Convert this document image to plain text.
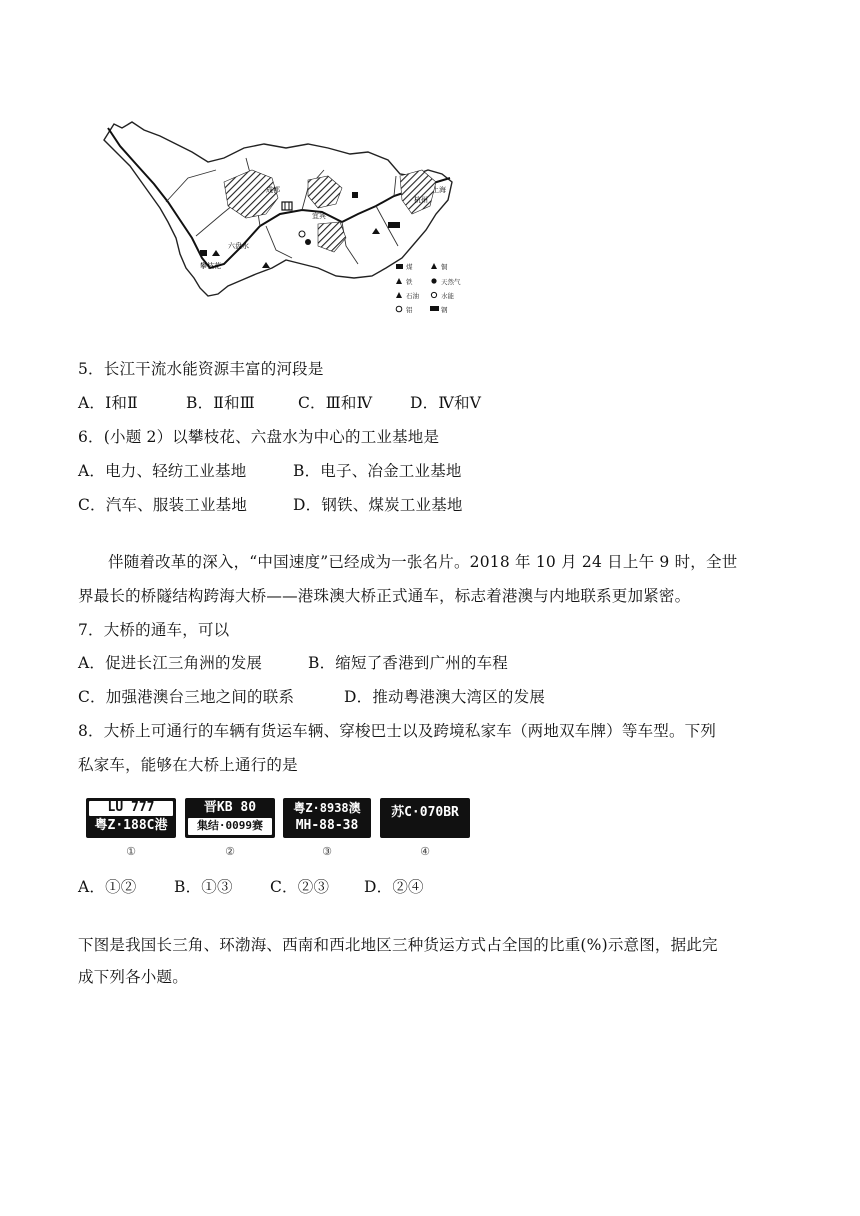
成都
宜宾
六盘水
攀枝花
上海
杭州
煤	铜
铁	天然气
石油	水能
铝	钢
5．长江干流水能资源丰富的河段是
A．Ⅰ和Ⅱ	B．Ⅱ和Ⅲ	C．Ⅲ和Ⅳ D．Ⅳ和Ⅴ
6．(小题 2）以攀枝花、六盘水为中心的工业基地是
A．电力、轻纺工业基地	B．电子、冶金工业基地
C．汽车、服装工业基地	D．钢铁、煤炭工业基地
伴随着改革的深入，“中国速度”已经成为一张名片。2018 年 10 月 24 日上午 9 时，全世
界最长的桥隧结构跨海大桥——港珠澳大桥正式通车，标志着港澳与内地联系更加紧密。
7．大桥的通车，可以
A．促进长江三角洲的发展	B．缩短了香港到广州的车程
C．加强港澳台三地之间的联系	D．推动粤港澳大湾区的发展
8．大桥上可通行的车辆有货运车辆、穿梭巴士以及跨境私家车（两地双车牌）等车型。下列
私家车，能够在大桥上通行的是
LU 777
粤Z·188C港
①
晋KB 80
集结·0099赛
②
粤Z·8938澳
MH-88-38
③
苏C·070BR
④
A．①② B．①③ C．②③ D．②④
下图是我国长三角、环渤海、西南和西北地区三种货运方式占全国的比重(%)示意图，据此完
成下列各小题。
